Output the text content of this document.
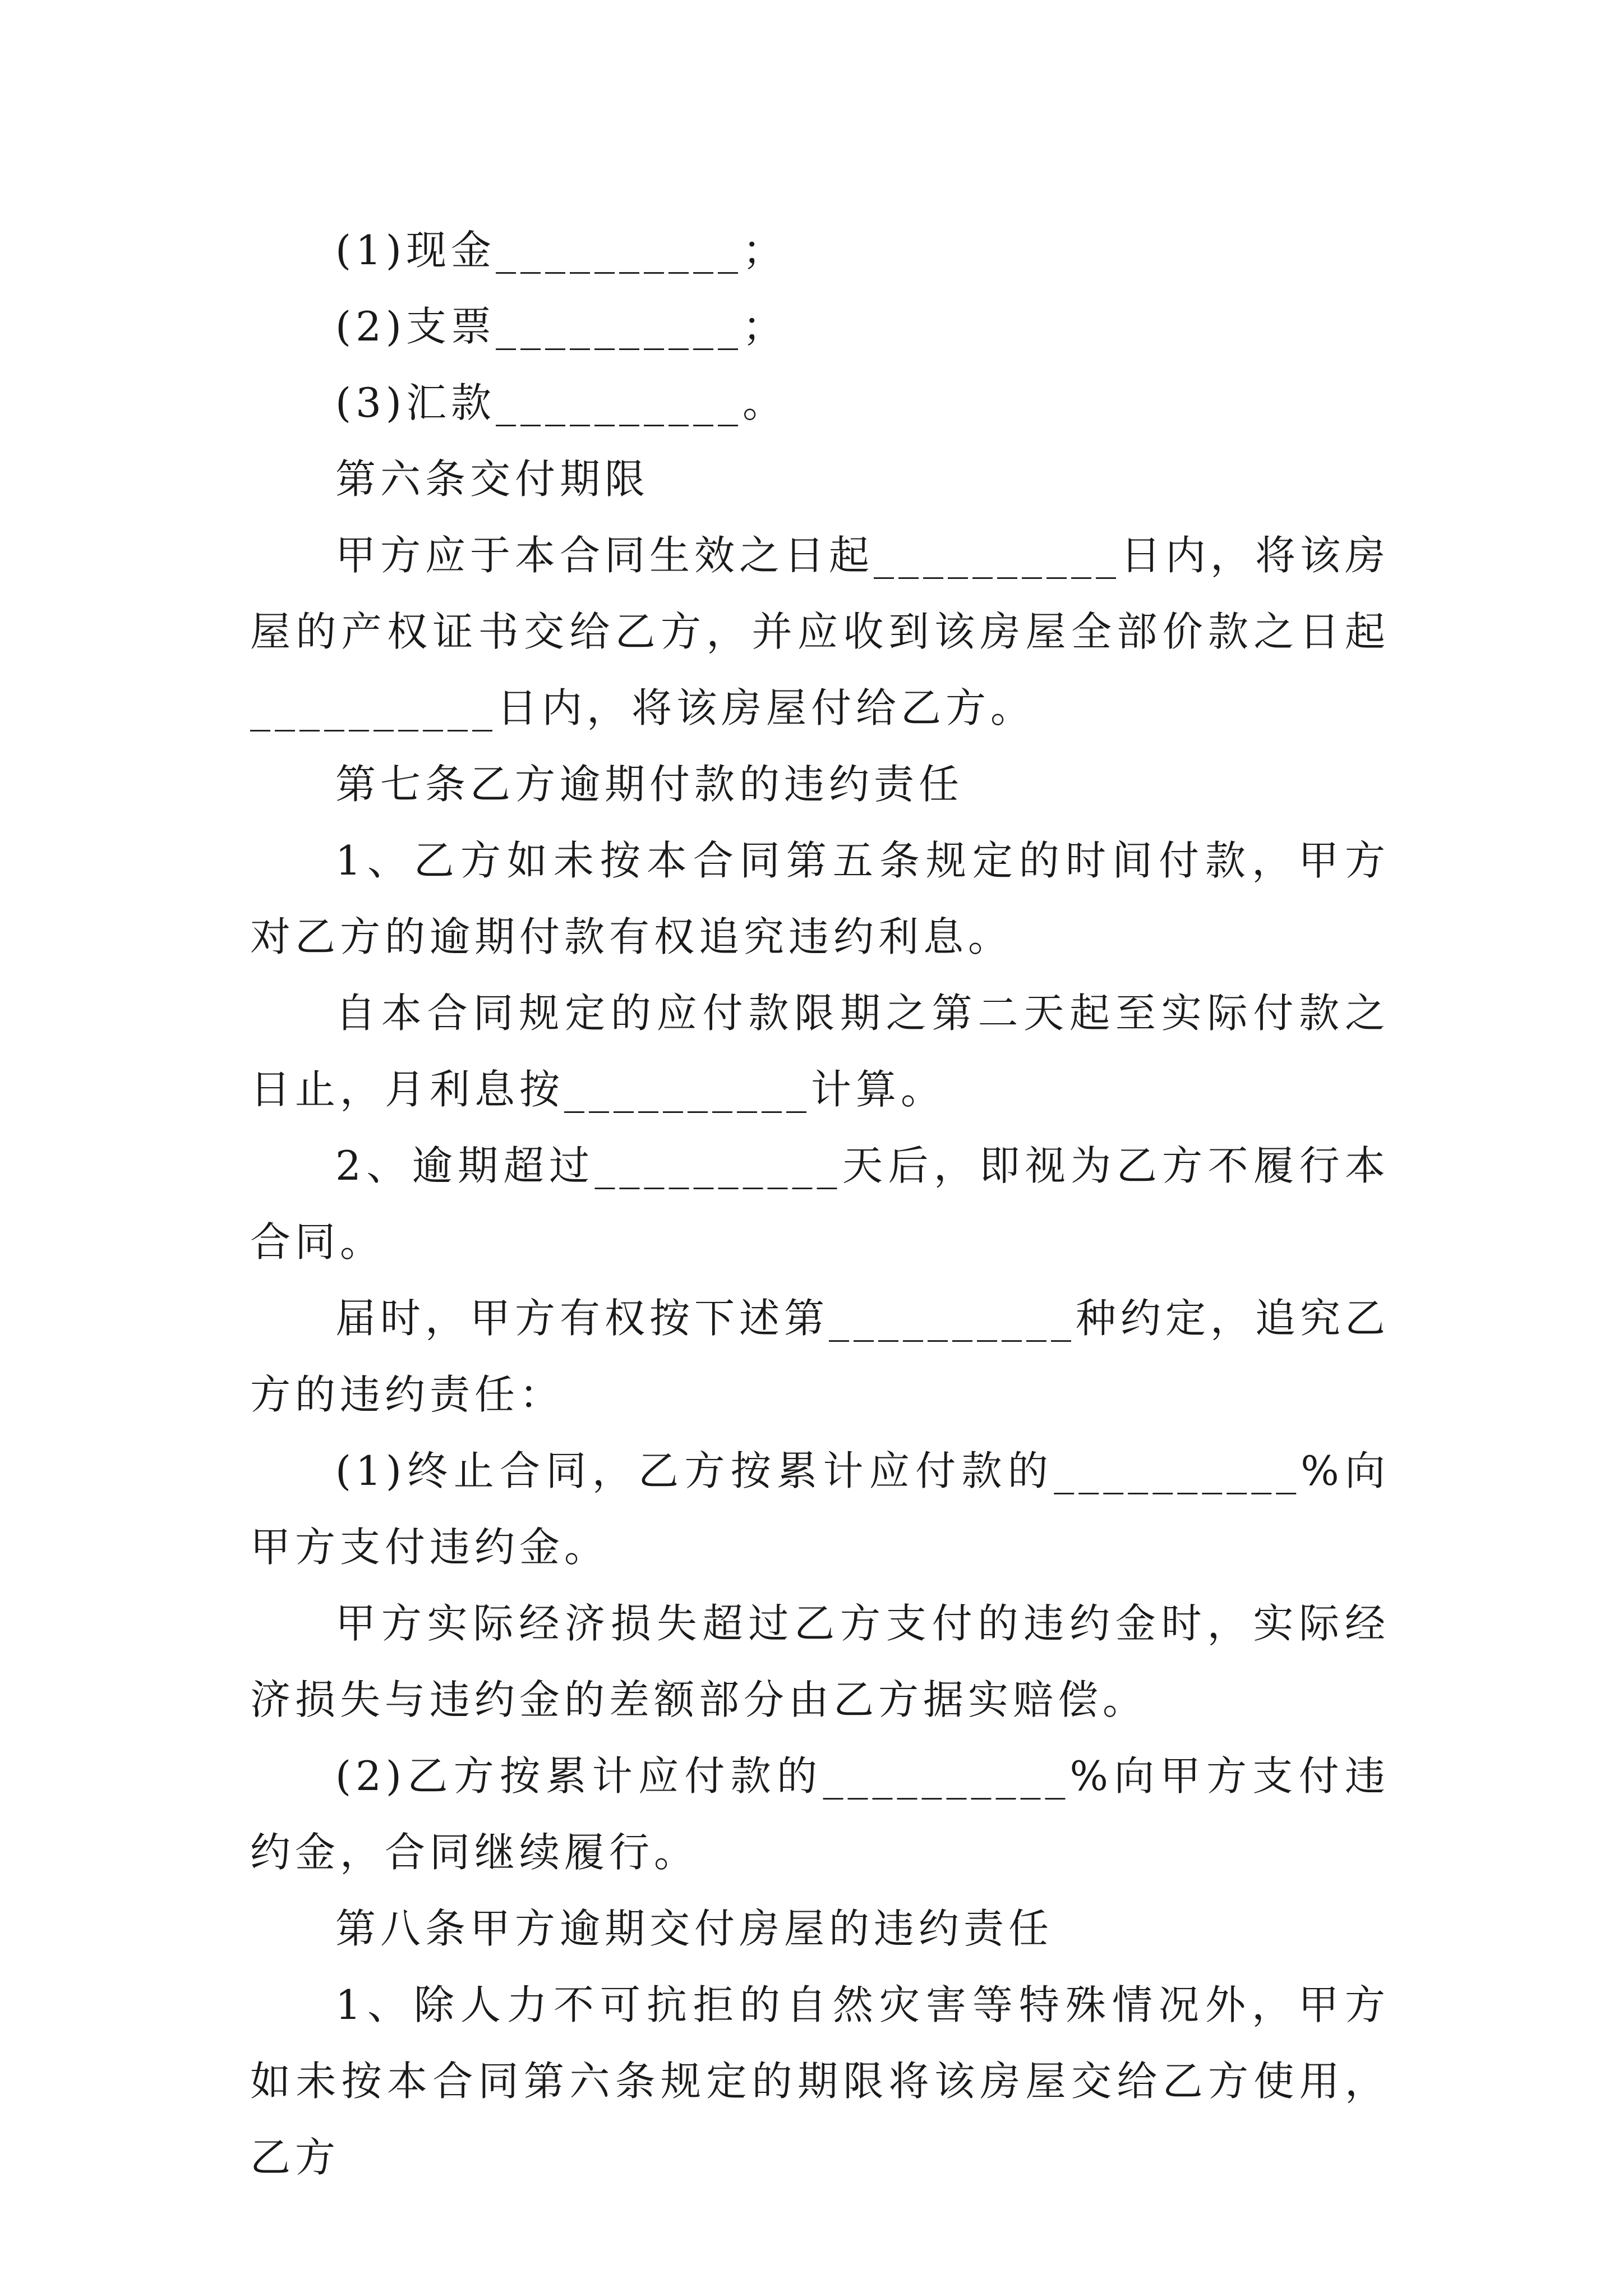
(1)现金__________；

(2)支票__________；

(3)汇款__________。

第六条交付期限

甲方应于本合同生效之日起__________日内，将该房屋的产权证书交给乙方，并应收到该房屋全部价款之日起__________日内，将该房屋付给乙方。

第七条乙方逾期付款的违约责任

1、乙方如未按本合同第五条规定的时间付款，甲方对乙方的逾期付款有权追究违约利息。

自本合同规定的应付款限期之第二天起至实际付款之日止，月利息按__________计算。

2、逾期超过__________天后，即视为乙方不履行本合同。

届时，甲方有权按下述第__________种约定，追究乙方的违约责任：

(1)终止合同，乙方按累计应付款的__________%向甲方支付违约金。

甲方实际经济损失超过乙方支付的违约金时，实际经济损失与违约金的差额部分由乙方据实赔偿。

(2)乙方按累计应付款的__________%向甲方支付违约金，合同继续履行。

第八条甲方逾期交付房屋的违约责任

1、除人力不可抗拒的自然灾害等特殊情况外，甲方如未按本合同第六条规定的期限将该房屋交给乙方使用，乙方
